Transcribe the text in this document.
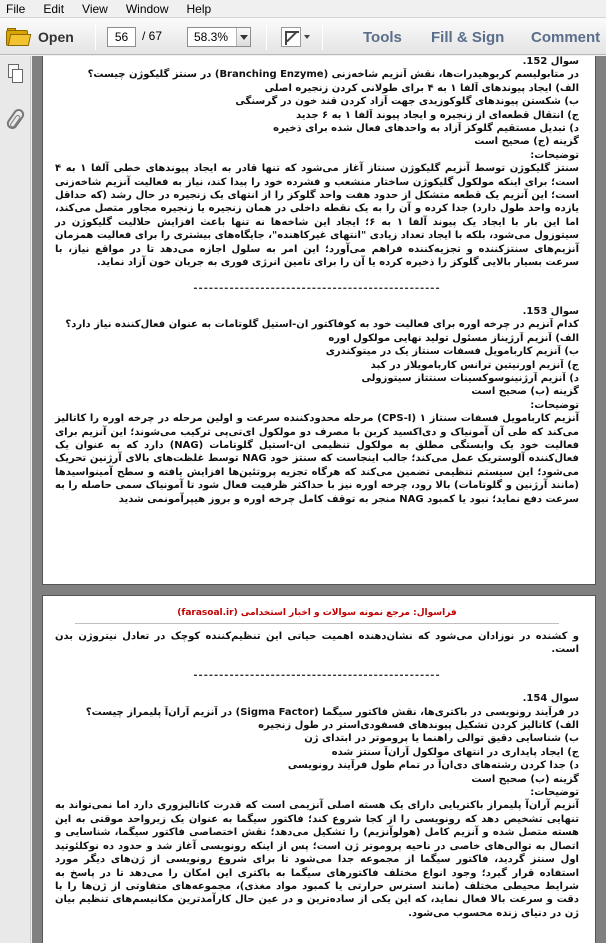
File Edit View Window Help
Open	56	/ 67	58.3%	Tools Fill & Sign Comment
سوال 152.
در متابولیسم کربوهیدرات‌ها، نقش آنزیم شاخه‌زنی (Branching Enzyme) در سنتز گلیکوژن چیست؟
الف) ایجاد پیوندهای آلفا ۱ به ۴ برای طولانی کردن زنجیره اصلی
ب) شکستن پیوندهای گلوکوزیدی جهت آزاد کردن قند خون در گرسنگی
ج) انتقال قطعه‌ای از زنجیره و ایجاد پیوند آلفا ۱ به ۶ جدید
د) تبدیل مستقیم گلوکز آزاد به واحدهای فعال شده برای ذخیره
گزینه (ج) صحیح است
توضیحات:
سنتز گلیکوژن توسط آنزیم گلیکوژن سنتاز آغاز می‌شود که تنها قادر به ایجاد پیوندهای خطی آلفا ۱ به ۴ است؛ برای اینکه مولکول گلیکوژن ساختار منشعب و فشرده خود را پیدا کند، نیاز به فعالیت آنزیم شاخه‌زنی است؛ این آنزیم یک قطعه متشکل از حدود هفت واحد گلوکز را از انتهای یک زنجیره در حال رشد (که حداقل یازده واحد طول دارد) جدا کرده و آن را به یک نقطه داخلی در همان زنجیره یا زنجیره مجاور متصل می‌کند، اما این بار با ایجاد یک پیوند آلفا ۱ به ۶؛ ایجاد این شاخه‌ها نه تنها باعث افزایش حلالیت گلیکوژن در سیتوزول می‌شود، بلکه با ایجاد تعداد زیادی "انتهای غیرکاهنده"، جایگاه‌های بیشتری را برای فعالیت همزمان آنزیم‌های سنتزکننده و تجزیه‌کننده فراهم می‌آورد؛ این امر به سلول اجازه می‌دهد تا در مواقع نیاز، با سرعت بسیار بالایی گلوکز را ذخیره کرده یا آن را برای تامین انرژی فوری به جریان خون آزاد نماید.
------------------------------------------------
سوال 153.
کدام آنزیم در چرخه اوره برای فعالیت خود به کوفاکتور ان-استیل گلوتامات به عنوان فعال‌کننده نیاز دارد؟
الف) آنزیم آرژیناز مسئول تولید نهایی مولکول اوره
ب) آنزیم کاربامویل فسفات سنتاز یک در میتوکندری
ج) آنزیم اورنیتین ترانس کاربامویلاز در کبد
د) آنزیم آرژنینوسوکسینات سنتتاز سیتوزولی
گزینه (ب) صحیح است
توضیحات:
آنزیم کاربامویل فسفات سنتاز ۱ (CPS-I) مرحله محدودکننده سرعت و اولین مرحله در چرخه اوره را کاتالیز می‌کند که طی آن آمونیاک و دی‌اکسید کربن با مصرف دو مولکول ای‌تی‌پی ترکیب می‌شوند؛ این آنزیم برای فعالیت خود یک وابستگی مطلق به مولکول تنظیمی ان-استیل گلوتامات (NAG) دارد که به عنوان یک فعال‌کننده آلوستریک عمل می‌کند؛ جالب اینجاست که سنتز خود NAG توسط غلظت‌های بالای آرژنین تحریک می‌شود؛ این سیستم تنظیمی تضمین می‌کند که هرگاه تجزیه پروتئین‌ها افزایش یافته و سطح آمینواسیدها (مانند آرژنین و گلوتامات) بالا رود، چرخه اوره نیز با حداکثر ظرفیت فعال شود تا آمونیاک سمی حاصله را به سرعت دفع نماید؛ نبود یا کمبود NAG منجر به توقف کامل چرخه اوره و بروز هیپرآمونمی شدید
فراسوال: مرجع نمونه سوالات و اخبار استخدامی (farasoal.ir)
و کشنده در نوزادان می‌شود که نشان‌دهنده اهمیت حیاتی این تنظیم‌کننده کوچک در تعادل نیتروژن بدن است.
------------------------------------------------
سوال 154.
در فرآیند رونویسی در باکتری‌ها، نقش فاکتور سیگما (Sigma Factor) در آنزیم آران‌آ پلیمراز چیست؟
الف) کاتالیز کردن تشکیل پیوندهای فسفودی‌استر در طول زنجیره
ب) شناسایی دقیق توالی راهنما یا پروموتر در ابتدای ژن
ج) ایجاد پایداری در انتهای مولکول آران‌آ سنتز شده
د) جدا کردن رشته‌های دی‌ان‌آ در تمام طول فرآیند رونویسی
گزینه (ب) صحیح است
توضیحات:
آنزیم آران‌آ پلیمراز باکتریایی دارای یک هسته اصلی آنزیمی است که قدرت کاتالیزوری دارد اما نمی‌تواند به تنهایی تشخیص دهد که رونویسی را از کجا شروع کند؛ فاکتور سیگما به عنوان یک زیرواحد موقتی به این هسته متصل شده و آنزیم کامل (هولوآنزیم) را تشکیل می‌دهد؛ نقش اختصاصی فاکتور سیگما، شناسایی و اتصال به توالی‌های خاصی در ناحیه پروموتر ژن است؛ پس از اینکه رونویسی آغاز شد و حدود ده نوکلئوتید اول سنتز گردید، فاکتور سیگما از مجموعه جدا می‌شود تا برای شروع رونویسی از ژن‌های دیگر مورد استفاده قرار گیرد؛ وجود انواع مختلف فاکتورهای سیگما به باکتری این امکان را می‌دهد تا در پاسخ به شرایط محیطی مختلف (مانند استرس حرارتی یا کمبود مواد مغذی)، مجموعه‌های متفاوتی از ژن‌ها را با دقت و سرعت بالا فعال نماید، که این یکی از ساده‌ترین و در عین حال کارآمدترین مکانیسم‌های تنظیم بیان ژن در دنیای زنده محسوب می‌شود.
